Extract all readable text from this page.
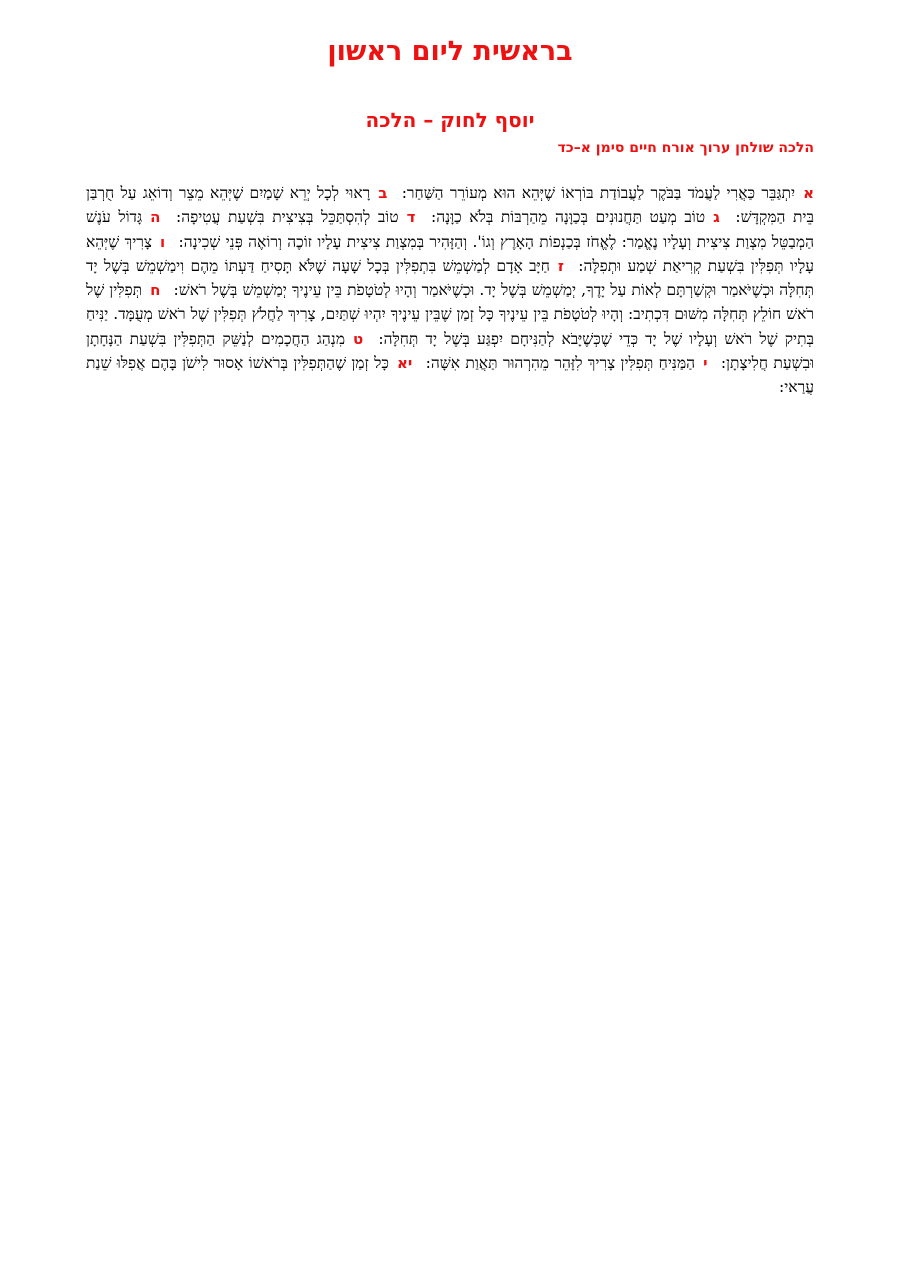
בראשית ליום ראשון
יוסף לחוק – הלכה
הלכה שולחן ערוך אורח חיים סימן א–כד
איִתְגַּבֵּר כַּאֲרִי לַעֲמֹד בַּבֹּקֶר לַעֲבוֹדַת בּוֹרְאוֹ שֶׁיְּהֵא הוּא מְעוֹרֵר הַשַּׁחַר: ברָאוּי לְכָל יְרֵא שָׁמַיִם שֶׁיְּהֵא מֵצֵר וְדוֹאֵג עַל חֻרְבַּן בֵּית הַמִּקְדָּשׁ: גטוֹב מְעַט תַּחֲנוּנִים בְּכַוָּנָה מֵהַרְבּוֹת בְּלֹא כַוָּנָה: דטוֹב לְהִסְתַּכֵּל בְּצִיצִית בִּשְׁעַת עֲטִיפָה: הגָּדוֹל עֹנֶשׁ הַמְבַטֵּל מִצְוַת צִיצִית וְעָלָיו נֶאֱמַר: לֶאֱחֹז בְּכַנְפוֹת הָאָרֶץ וְגוֹ'. וְהַזָּהִיר בְּמִצְוַת צִיצִית עָלָיו זוֹכֶה וְרוֹאֶה פְּנֵי שְׁכִינָה: וצָרִיךְ שֶׁיְּהֵא עָלָיו תְּפִלִּין בִּשְׁעַת קְרִיאַת שְׁמַע וּתְפִלָּה: זחַיָּב אָדָם לְמַשְׁמֵשׁ בִּתְפִלִּין בְּכָל שָׁעָה שֶׁלֹּא תָּסִיחַ דַּעְתּוֹ מֵהֶם וִימַשְׁמֵשׁ בְּשֶׁל יָד תְּחִלָּה וּכְשֶׁיֹּאמַר וּקְשַׁרְתָּם לְאוֹת עַל יָדֶךָ, יְמַשְׁמֵשׁ בְּשֶׁל יָד. וּכְשֶׁיֹּאמַר וְהָיוּ לְטֹטָפֹת בֵּין עֵינֶיךָ יְמַשְׁמֵשׁ בְּשֶׁל רֹאשׁ: חתְּפִלִּין שֶׁל רֹאשׁ חוֹלֵץ תְּחִלָּה מִשּׁוּם דִּכְתִיב: וְהָיוּ לְטֹטָפֹת בֵּין עֵינֶיךָ כָּל זְמַן שֶׁבֵּין עֵינֶיךָ יִהְיוּ שְׁתַּיִם, צָרִיךְ לַחֲלֹץ תְּפִלִּין שֶׁל רֹאשׁ מְעֻמָּד. יַנִּיחַ בְּתִיק שֶׁל רֹאשׁ וְעָלָיו שֶׁל יָד כְּדֵי שֶׁכְּשֶׁיָּבֹא לְהַנִּיחָם יִפְגַּע בְּשֶׁל יָד תְּחִלָּה: טמִנְהַג הַחֲכָמִים לְנַשֵּׁק הַתְּפִלִּין בִּשְׁעַת הַנָּחָתָן וּבִשְׁעַת חֲלִיצָתָן: יהַמַּנִּיחַ תְּפִלִּין צָרִיךְ לִזָּהֵר מֵהִרְהוּר תַּאֲוַת אִשָּׁה: יאכָּל זְמַן שֶׁהַתְּפִלִּין בְּרֹאשׁוֹ אָסוּר לִישֹׁן בָּהֶם אֲפִלּוּ שֵׁנַת עֲרַאי:
